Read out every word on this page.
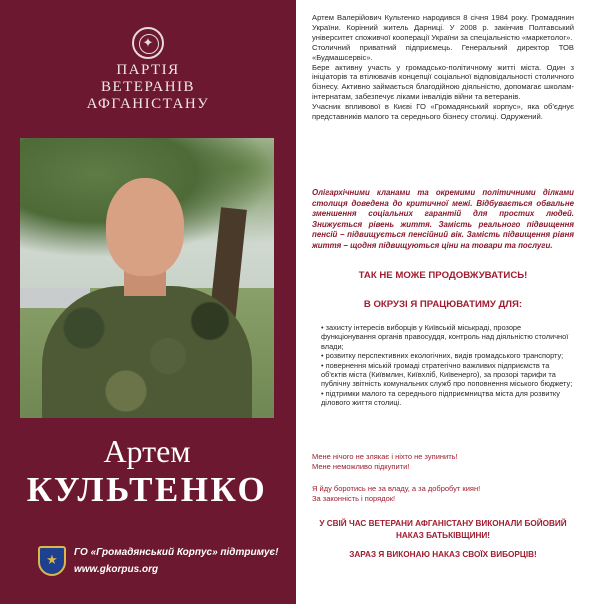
✦
ПАРТІЯ
ВЕТЕРАНІВ
АФГАНІСТАНУ
Артем
КУЛЬТЕНКО
★
ГО «Громадянський Корпус» підтримує!
www.gkorpus.org

Артем Валерійович Культенко народився 8 січня 1984 року. Громадянин України. Корінний житель Дарниці. У 2008 р. закінчив Полтавський університет споживчої кооперації України за спеціальністю «маркетолог».

Столичний приватний підприємець. Генеральний директор ТОВ «Будмашсервіс».

Бере активну участь у громадсько-політичному житті міста. Один з ініціаторів та втілювачів концепції соціальної відповідальності столичного бізнесу. Активно займається благодійною діяльністю, допомагає школам-інтернатам, забезпечує ліками інвалідів війни та ветеранів.

Учасник впливової в Києві ГО «Громадянський корпус», яка об'єднує представників малого та середнього бізнесу столиці. Одружений.

Олігархічними кланами та окремими політичними ділками столиця доведена до критичної межі. Відбувається обвальне зменшення соціальних гарантій для простих людей. Знижується рівень життя. Замість реального підвищення пенсій – підвищується пенсійний вік. Замість підвищення рівня життя – щодня підвищуються ціни на товари та послуги.
ТАК НЕ МОЖЕ ПРОДОВЖУВАТИСЬ!
В ОКРУЗІ Я ПРАЦЮВАТИМУ ДЛЯ:
• захисту інтересів виборців у Київській міськраді, прозоре функціонування органів правосуддя, контроль над діяльністю столичної влади;
• розвитку перспективних екологічних, видів громадського транспорту;
• повернення міській громаді стратегічно важливих підприємств та об'єктів міста (Київмлин, Київхліб, Київенерго), за прозорі тарифи та публічну звітність комунальних служб про поповнення міського бюджету;
• підтримки малого та середнього підприємництва міста для розвитку ділового життя столиці.
Мене нічого не злякає і ніхто не зупинить!
Мене неможливо підкупити!
Я йду боротись не за владу, а за добробут киян!
За законність і порядок!
У СВІЙ ЧАС ВЕТЕРАНИ АФГАНІСТАНУ ВИКОНАЛИ БОЙОВИЙ
НАКАЗ БАТЬКІВЩИНИ!
ЗАРАЗ Я ВИКОНАЮ НАКАЗ СВОЇХ ВИБОРЦІВ!
